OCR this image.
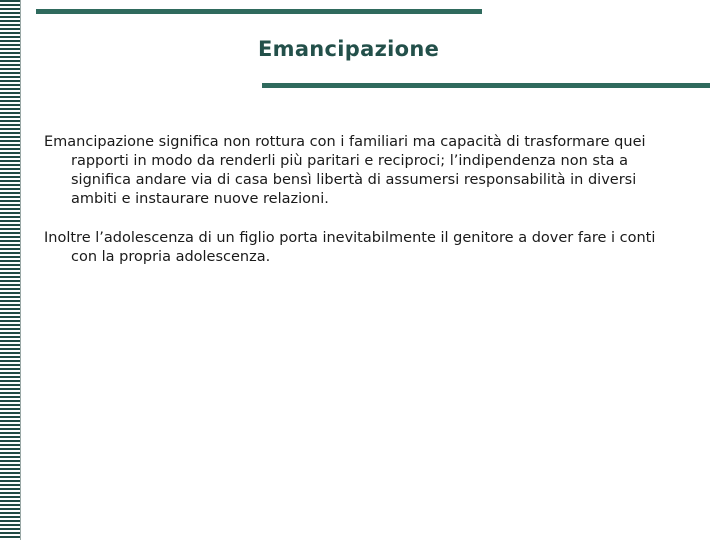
Emancipazione

Emancipazione significa non rottura con i familiari ma capacità di trasformare quei rapporti in modo da renderli più paritari e reciproci; l’indipendenza non sta a significa andare via di casa bensì libertà di assumersi responsabilità in diversi ambiti e instaurare nuove relazioni.

Inoltre l’adolescenza di un figlio porta inevitabilmente il genitore a dover fare i conti con la propria adolescenza.
